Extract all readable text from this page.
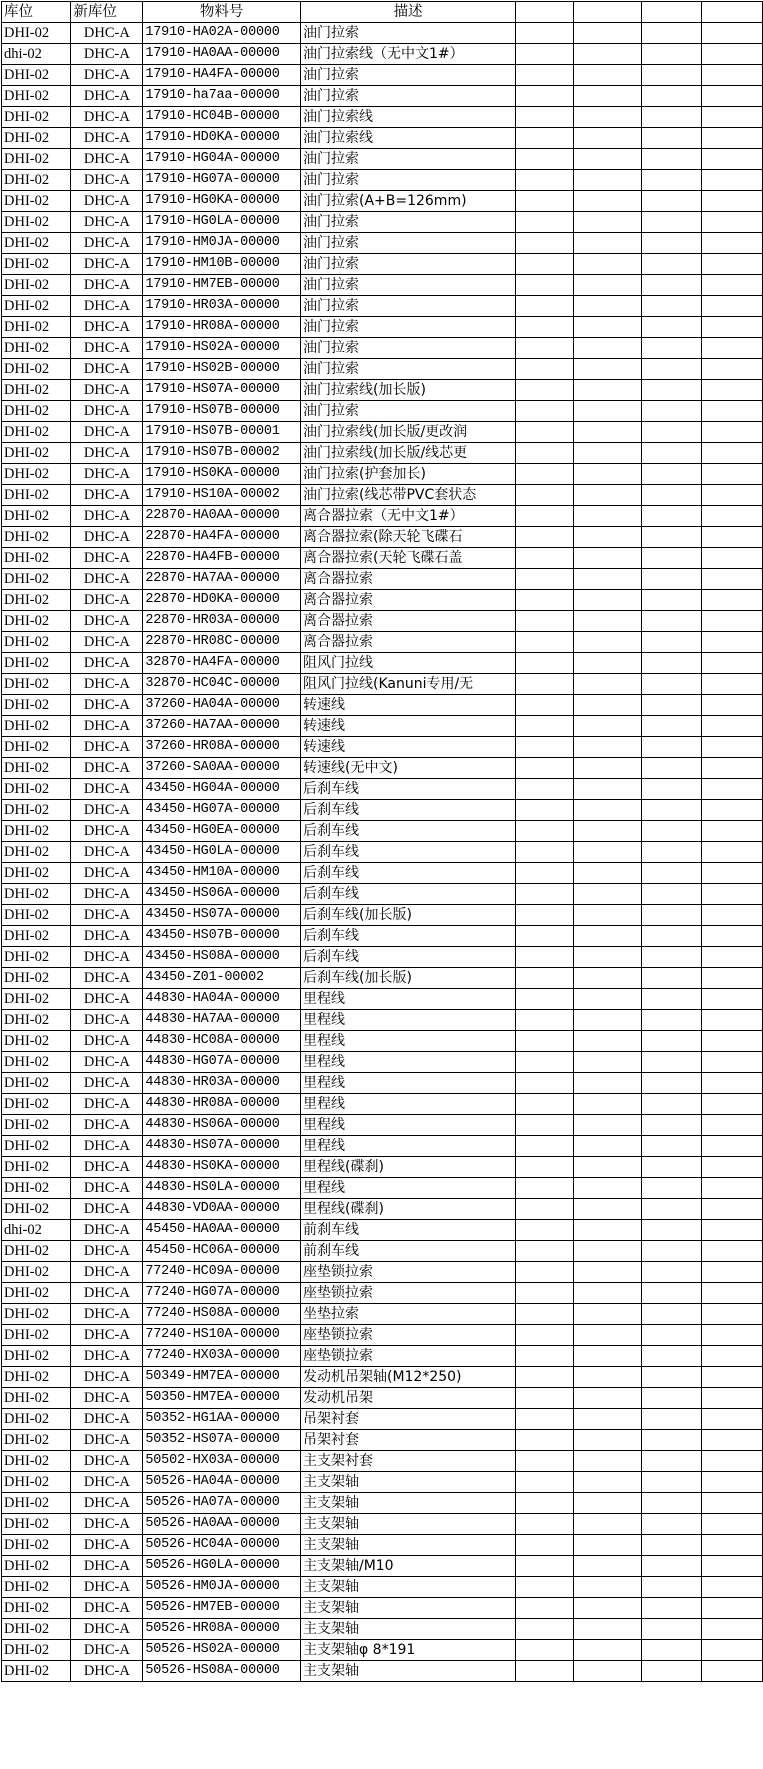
库位	新库位	物料号	描述				
DHI-02	DHC-A	17910-HA02A-00000	油门拉索				
dhi-02	DHC-A	17910-HA0AA-00000	油门拉索线（无中文1#）				
DHI-02	DHC-A	17910-HA4FA-00000	油门拉索				
DHI-02	DHC-A	17910-ha7aa-00000	油门拉索				
DHI-02	DHC-A	17910-HC04B-00000	油门拉索线				
DHI-02	DHC-A	17910-HD0KA-00000	油门拉索线				
DHI-02	DHC-A	17910-HG04A-00000	油门拉索				
DHI-02	DHC-A	17910-HG07A-00000	油门拉索				
DHI-02	DHC-A	17910-HG0KA-00000	油门拉索(A+B=126mm)				
DHI-02	DHC-A	17910-HG0LA-00000	油门拉索				
DHI-02	DHC-A	17910-HM0JA-00000	油门拉索				
DHI-02	DHC-A	17910-HM10B-00000	油门拉索				
DHI-02	DHC-A	17910-HM7EB-00000	油门拉索				
DHI-02	DHC-A	17910-HR03A-00000	油门拉索				
DHI-02	DHC-A	17910-HR08A-00000	油门拉索				
DHI-02	DHC-A	17910-HS02A-00000	油门拉索				
DHI-02	DHC-A	17910-HS02B-00000	油门拉索				
DHI-02	DHC-A	17910-HS07A-00000	油门拉索线(加长版)				
DHI-02	DHC-A	17910-HS07B-00000	油门拉索				
DHI-02	DHC-A	17910-HS07B-00001	油门拉索线(加长版/更改润				
DHI-02	DHC-A	17910-HS07B-00002	油门拉索线(加长版/线芯更				
DHI-02	DHC-A	17910-HS0KA-00000	油门拉索(护套加长)				
DHI-02	DHC-A	17910-HS10A-00002	油门拉索(线芯带PVC套状态				
DHI-02	DHC-A	22870-HA0AA-00000	离合器拉索（无中文1#）				
DHI-02	DHC-A	22870-HA4FA-00000	离合器拉索(除天轮飞碟石				
DHI-02	DHC-A	22870-HA4FB-00000	离合器拉索(天轮飞碟石盖				
DHI-02	DHC-A	22870-HA7AA-00000	离合器拉索				
DHI-02	DHC-A	22870-HD0KA-00000	离合器拉索				
DHI-02	DHC-A	22870-HR03A-00000	离合器拉索				
DHI-02	DHC-A	22870-HR08C-00000	离合器拉索				
DHI-02	DHC-A	32870-HA4FA-00000	阻风门拉线				
DHI-02	DHC-A	32870-HC04C-00000	阻风门拉线(Kanuni专用/无				
DHI-02	DHC-A	37260-HA04A-00000	转速线				
DHI-02	DHC-A	37260-HA7AA-00000	转速线				
DHI-02	DHC-A	37260-HR08A-00000	转速线				
DHI-02	DHC-A	37260-SA0AA-00000	转速线(无中文)				
DHI-02	DHC-A	43450-HG04A-00000	后刹车线				
DHI-02	DHC-A	43450-HG07A-00000	后刹车线				
DHI-02	DHC-A	43450-HG0EA-00000	后刹车线				
DHI-02	DHC-A	43450-HG0LA-00000	后刹车线				
DHI-02	DHC-A	43450-HM10A-00000	后刹车线				
DHI-02	DHC-A	43450-HS06A-00000	后刹车线				
DHI-02	DHC-A	43450-HS07A-00000	后刹车线(加长版)				
DHI-02	DHC-A	43450-HS07B-00000	后刹车线				
DHI-02	DHC-A	43450-HS08A-00000	后刹车线				
DHI-02	DHC-A	43450-Z01-00002	后刹车线(加长版)				
DHI-02	DHC-A	44830-HA04A-00000	里程线				
DHI-02	DHC-A	44830-HA7AA-00000	里程线				
DHI-02	DHC-A	44830-HC08A-00000	里程线				
DHI-02	DHC-A	44830-HG07A-00000	里程线				
DHI-02	DHC-A	44830-HR03A-00000	里程线				
DHI-02	DHC-A	44830-HR08A-00000	里程线				
DHI-02	DHC-A	44830-HS06A-00000	里程线				
DHI-02	DHC-A	44830-HS07A-00000	里程线				
DHI-02	DHC-A	44830-HS0KA-00000	里程线(碟刹)				
DHI-02	DHC-A	44830-HS0LA-00000	里程线				
DHI-02	DHC-A	44830-VD0AA-00000	里程线(碟刹)				
dhi-02	DHC-A	45450-HA0AA-00000	前刹车线				
DHI-02	DHC-A	45450-HC06A-00000	前刹车线				
DHI-02	DHC-A	77240-HC09A-00000	座垫锁拉索				
DHI-02	DHC-A	77240-HG07A-00000	座垫锁拉索				
DHI-02	DHC-A	77240-HS08A-00000	坐垫拉索				
DHI-02	DHC-A	77240-HS10A-00000	座垫锁拉索				
DHI-02	DHC-A	77240-HX03A-00000	座垫锁拉索				
DHI-02	DHC-A	50349-HM7EA-00000	发动机吊架轴(M12*250)				
DHI-02	DHC-A	50350-HM7EA-00000	发动机吊架				
DHI-02	DHC-A	50352-HG1AA-00000	吊架衬套				
DHI-02	DHC-A	50352-HS07A-00000	吊架衬套				
DHI-02	DHC-A	50502-HX03A-00000	主支架衬套				
DHI-02	DHC-A	50526-HA04A-00000	主支架轴				
DHI-02	DHC-A	50526-HA07A-00000	主支架轴				
DHI-02	DHC-A	50526-HA0AA-00000	主支架轴				
DHI-02	DHC-A	50526-HC04A-00000	主支架轴				
DHI-02	DHC-A	50526-HG0LA-00000	主支架轴/M10				
DHI-02	DHC-A	50526-HM0JA-00000	主支架轴				
DHI-02	DHC-A	50526-HM7EB-00000	主支架轴				
DHI-02	DHC-A	50526-HR08A-00000	主支架轴				
DHI-02	DHC-A	50526-HS02A-00000	主支架轴φ 8*191				
DHI-02	DHC-A	50526-HS08A-00000	主支架轴				
